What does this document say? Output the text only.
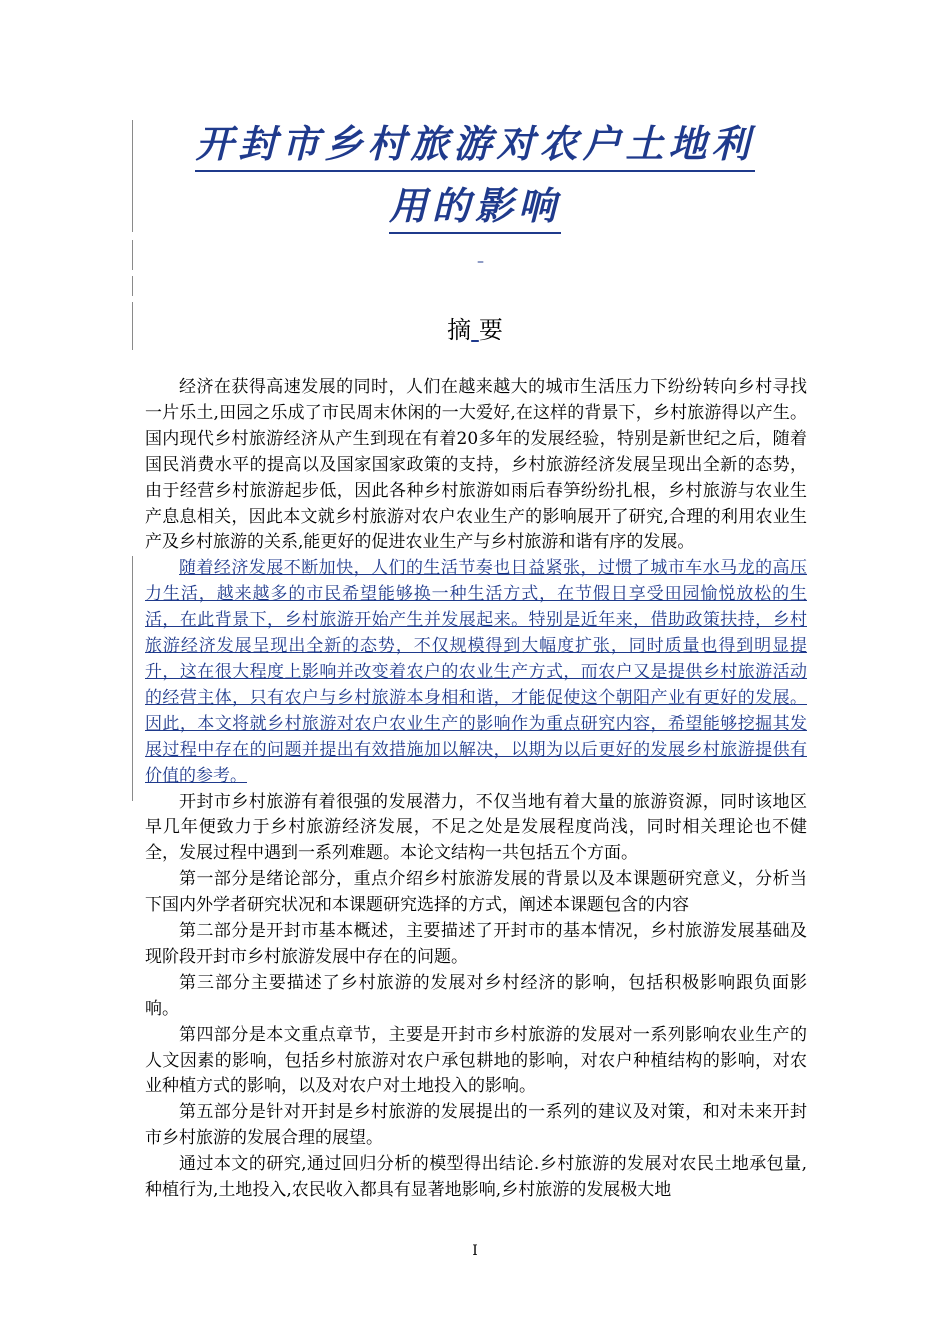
开封市乡村旅游对农户土地利
用的影响
–
摘 要

经济在获得高速发展的同时，人们在越来越大的城市生活压力下纷纷转向乡村寻找一片乐土,田园之乐成了市民周末休闲的一大爱好,在这样的背景下，乡村旅游得以产生。国内现代乡村旅游经济从产生到现在有着20多年的发展经验，特别是新世纪之后，随着国民消费水平的提高以及国家国家政策的支持，乡村旅游经济发展呈现出全新的态势，由于经营乡村旅游起步低，因此各种乡村旅游如雨后春笋纷纷扎根，乡村旅游与农业生产息息相关，因此本文就乡村旅游对农户农业生产的影响展开了研究,合理的利用农业生产及乡村旅游的关系,能更好的促进农业生产与乡村旅游和谐有序的发展。

随着经济发展不断加快，人们的生活节奏也日益紧张，过惯了城市车水马龙的高压力生活，越来越多的市民希望能够换一种生活方式，在节假日享受田园愉悦放松的生活，在此背景下，乡村旅游开始产生并发展起来。特别是近年来，借助政策扶持，乡村旅游经济发展呈现出全新的态势，不仅规模得到大幅度扩张，同时质量也得到明显提升，这在很大程度上影响并改变着农户的农业生产方式，而农户又是提供乡村旅游活动的经营主体，只有农户与乡村旅游本身相和谐，才能促使这个朝阳产业有更好的发展。因此，本文将就乡村旅游对农户农业生产的影响作为重点研究内容，希望能够挖掘其发展过程中存在的问题并提出有效措施加以解决，以期为以后更好的发展乡村旅游提供有价值的参考。

开封市乡村旅游有着很强的发展潜力，不仅当地有着大量的旅游资源，同时该地区早几年便致力于乡村旅游经济发展，不足之处是发展程度尚浅，同时相关理论也不健全，发展过程中遇到一系列难题。本论文结构一共包括五个方面。

第一部分是绪论部分，重点介绍乡村旅游发展的背景以及本课题研究意义，分析当下国内外学者研究状况和本课题研究选择的方式，阐述本课题包含的内容

第二部分是开封市基本概述，主要描述了开封市的基本情况，乡村旅游发展基础及现阶段开封市乡村旅游发展中存在的问题。

第三部分主要描述了乡村旅游的发展对乡村经济的影响，包括积极影响跟负面影响。

第四部分是本文重点章节，主要是开封市乡村旅游的发展对一系列影响农业生产的人文因素的影响，包括乡村旅游对农户承包耕地的影响，对农户种植结构的影响，对农业种植方式的影响，以及对农户对土地投入的影响。

第五部分是针对开封是乡村旅游的发展提出的一系列的建议及对策，和对未来开封市乡村旅游的发展合理的展望。

通过本文的研究,通过回归分析的模型得出结论.乡村旅游的发展对农民土地承包量,种植行为,土地投入,农民收入都具有显著地影响,乡村旅游的发展极大地

I
